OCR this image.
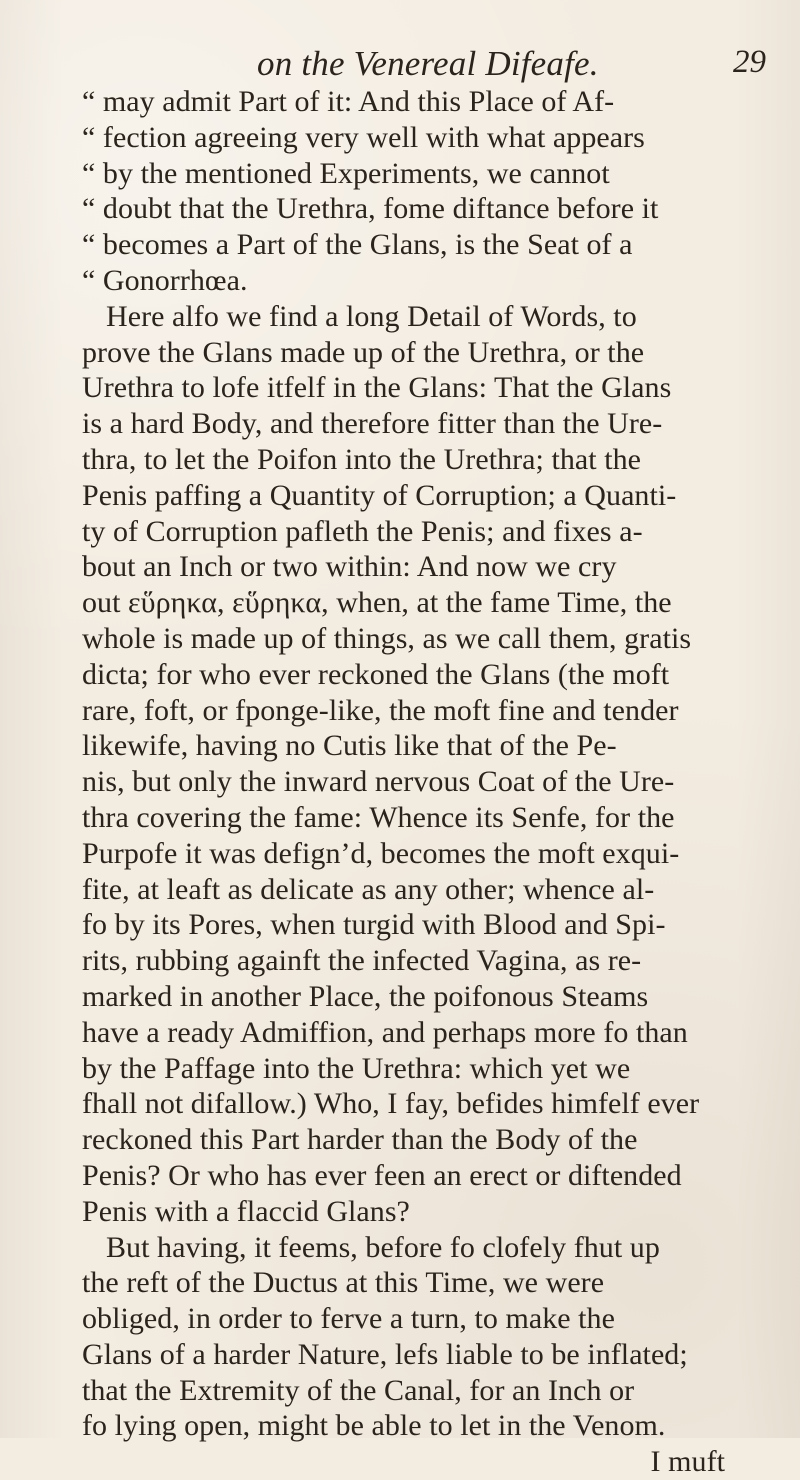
on the Venereal Difeafe.	29
“ may admit Part of it: And this Place of Af-
“ fection agreeing very well with what appears
“ by the mentioned Experiments, we cannot
“ doubt that the Urethra, fome diftance before it
“ becomes a Part of the Glans, is the Seat of a
“ Gonorrhœa.
Here alfo we find a long Detail of Words, to
prove the Glans made up of the Urethra, or the
Urethra to lofe itfelf in the Glans: That the Glans
is a hard Body, and therefore fitter than the Ure-
thra, to let the Poifon into the Urethra; that the
Penis paffing a Quantity of Corruption; a Quanti-
ty of Corruption pafleth the Penis; and fixes a-
bout an Inch or two within: And now we cry
out εὕρηκα, εὕρηκα, when, at the fame Time, the
whole is made up of things, as we call them, gratis
dicta; for who ever reckoned the Glans (the moft
rare, foft, or fponge-like, the moft fine and tender
likewife, having no Cutis like that of the Pe-
nis, but only the inward nervous Coat of the Ure-
thra covering the fame: Whence its Senfe, for the
Purpofe it was defign’d, becomes the moft exqui-
fite, at leaft as delicate as any other; whence al-
fo by its Pores, when turgid with Blood and Spi-
rits, rubbing againft the infected Vagina, as re-
marked in another Place, the poifonous Steams
have a ready Admiffion, and perhaps more fo than
by the Paffage into the Urethra: which yet we
fhall not difallow.) Who, I fay, befides himfelf ever
reckoned this Part harder than the Body of the
Penis? Or who has ever feen an erect or diftended
Penis with a flaccid Glans?
But having, it feems, before fo clofely fhut up
the reft of the Ductus at this Time, we were
obliged, in order to ferve a turn, to make the
Glans of a harder Nature, lefs liable to be inflated;
that the Extremity of the Canal, for an Inch or
fo lying open, might be able to let in the Venom.
I muft
